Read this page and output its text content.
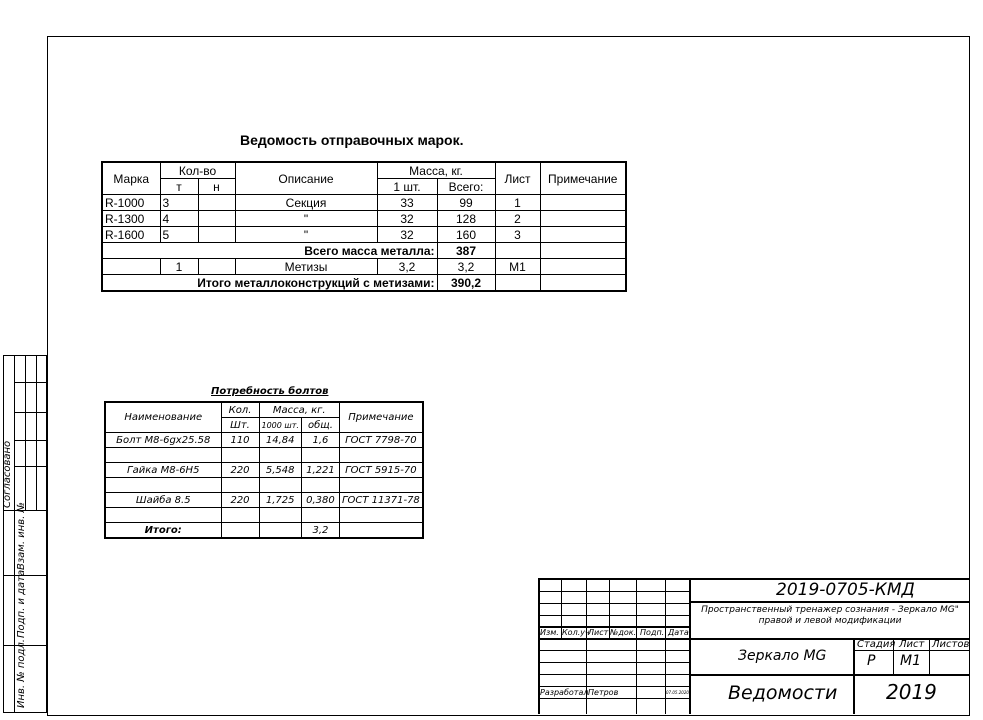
Согласовано
Взам. инв. №
Подп. и дата
Инв. № подл.
Ведомость отправочных марок.
Марка	Кол-во		Описание	Масса, кг.		Лист	Примечание
	т	н		1 шт.	Всего:		
R-1000	3		Секция	33	99	1	
R-1300	4		"	32	128	2	
R-1600	5		"	32	160	3	
Всего масса металла:					387		
	1		Метизы	3,2	3,2	М1	
Итого металлоконструкций с метизами:					390,2		
Потребность болтов
Наименование	Кол.	Масса, кг.		Примечание
	Шт.	1000 шт.	общ.	
Болт М8-6gх25.58	110	14,84	1,6	ГОСТ 7798-70

Гайка М8-6Н5	220	5,548	1,221	ГОСТ 5915-70

Шайба 8.5	220	1,725	0,380	ГОСТ 11371-78

Итого:			3,2	
2019-0705-КМД
Пространственный тренажер сознания - Зеркало MG" правой и левой модификации
Изм. Кол.уч
Лист №док. Подп. Дата
Разработал Петров	07.05.2020
Зеркало MG
Ведомости
Стадия Лист Листов
Р М1
2019
